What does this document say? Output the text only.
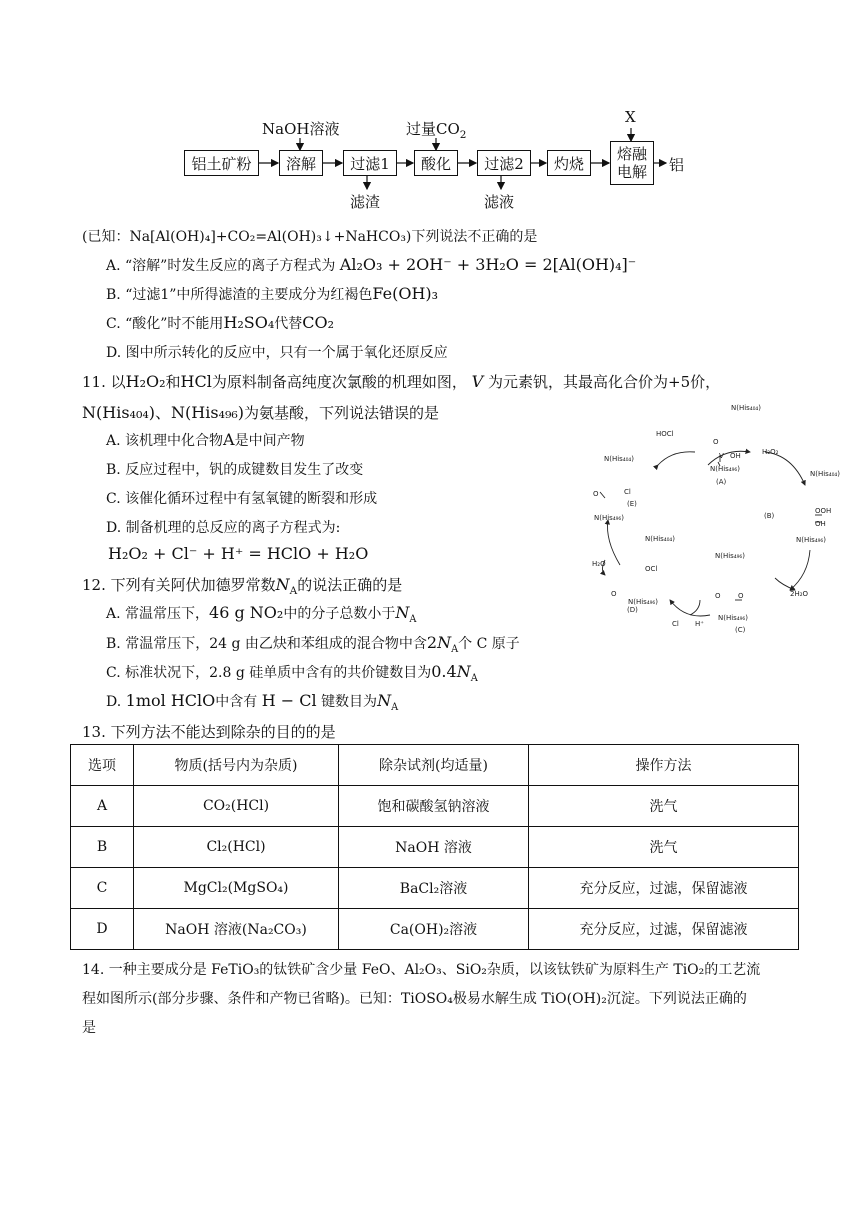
铝土矿粉	溶解	过滤1	酸化	过滤2	灼烧
熔融
电解
NaOH溶液	过量$CO_2$
X
铝
滤渣	滤液
(已知：Na[Al(OH)₄]+CO₂=Al(OH)₃↓+NaHCO₃)下列说法不正确的是
A. “溶解”时发生反应的离子方程式为 Al₂O₃ + 2OH⁻ + 3H₂O = 2[Al(OH)₄]⁻
B. “过滤1”中所得滤渣的主要成分为红褐色Fe(OH)₃
C. “酸化”时不能用H₂SO₄代替CO₂
D. 图中所示转化的反应中，只有一个属于氧化还原反应
11. 以H₂O₂和HCl为原料制备高纯度次氯酸的机理如图， V 为元素钒，其最高化合价为+5价，
N(His₄₀₄)、N(His₄₉₆)为氨基酸，下列说法错误的是
A. 该机理中化合物A是中间产物
B. 反应过程中，钒的成键数目发生了改变
C. 该催化循环过程中有氢氧键的断裂和形成
D. 制备机理的总反应的离子方程式为:
H₂O₂ + Cl⁻ + H⁺ = HClO + H₂O
N(His₄₀₄)
HOCl
O
V OH
N(His₄₉₆)
(A)
H₂O₂
N(His₄₀₄)
(B)
OOH
OH
N(His₄₉₆)
2H₂O
(C)
N(His₄₉₆)
N(His₄₀₄)
N(His₄₉₆)
Cl H⁺
(D)
OCl
N(His₄₉₆)
H₂O
(E)
Cl
N(His₄₉₆)
N(His₄₀₄)
O
O	O O
12. 下列有关阿伏加德罗常数$N_A$的说法正确的是
A. 常温常压下，46 g NO₂中的分子总数小于$N_A$
B. 常温常压下，24 g 由乙炔和苯组成的混合物中含$2N_A$个 C 原子
C. 标准状况下，2.8 g 硅单质中含有的共价键数目为$0.4N_A$
D. 1mol HClO中含有 H − Cl 键数目为$N_A$
13. 下列方法不能达到除杂的目的的是
选项	物质(括号内为杂质)	除杂试剂(均适量)	操作方法
A	CO₂(HCl)	饱和碳酸氢钠溶液	洗气
B	Cl₂(HCl)	NaOH 溶液	洗气
C	MgCl₂(MgSO₄)	BaCl₂溶液	充分反应，过滤，保留滤液
D	NaOH 溶液(Na₂CO₃)	Ca(OH)₂溶液	充分反应，过滤，保留滤液
14. 一种主要成分是 FeTiO₃的钛铁矿含少量 FeO、Al₂O₃、SiO₂杂质，以该钛铁矿为原料生产 TiO₂的工艺流
程如图所示(部分步骤、条件和产物已省略)。已知：TiOSO₄极易水解生成 TiO(OH)₂沉淀。下列说法正确的
是
